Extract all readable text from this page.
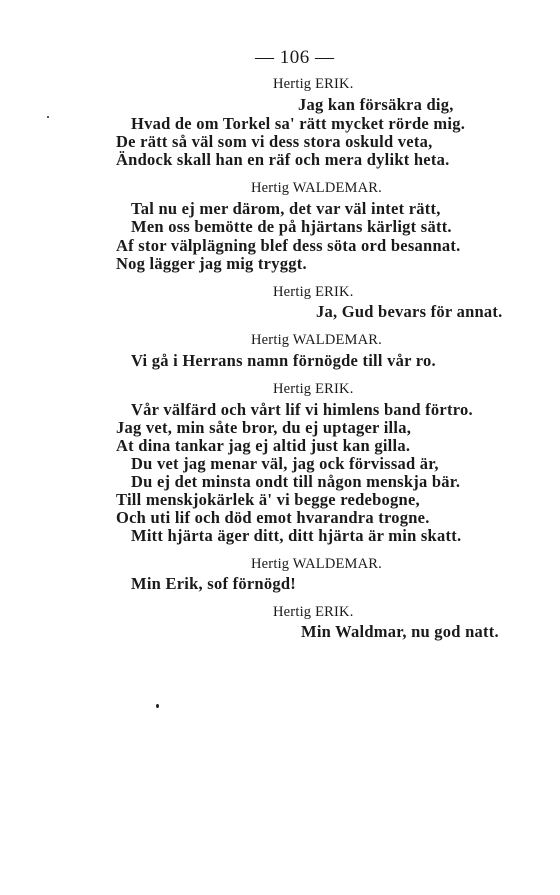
— 106 —
Hertig ERIK.
Jag kan försäkra dig,
Hvad de om Torkel sa' rätt mycket rörde mig.
De rätt så väl som vi dess stora oskuld veta,
Ändock skall han en räf och mera dylikt heta.
Hertig WALDEMAR.
Tal nu ej mer därom, det var väl intet rätt,
Men oss bemötte de på hjärtans kärligt sätt.
Af stor välplägning blef dess söta ord besannat.
Nog lägger jag mig tryggt.
Hertig ERIK.
Ja, Gud bevars för annat.
Hertig WALDEMAR.
Vi gå i Herrans namn förnögde till vår ro.
Hertig ERIK.
Vår välfärd och vårt lif vi himlens band förtro.
Jag vet, min såte bror, du ej uptager illa,
At dina tankar jag ej altid just kan gilla.
Du vet jag menar väl, jag ock förvissad är,
Du ej det minsta ondt till någon menskja bär.
Till menskjokärlek ä' vi begge redebogne,
Och uti lif och död emot hvarandra trogne.
Mitt hjärta äger ditt, ditt hjärta är min skatt.
Hertig WALDEMAR.
Min Erik, sof förnögd!
Hertig ERIK.
Min Waldmar, nu god natt.
